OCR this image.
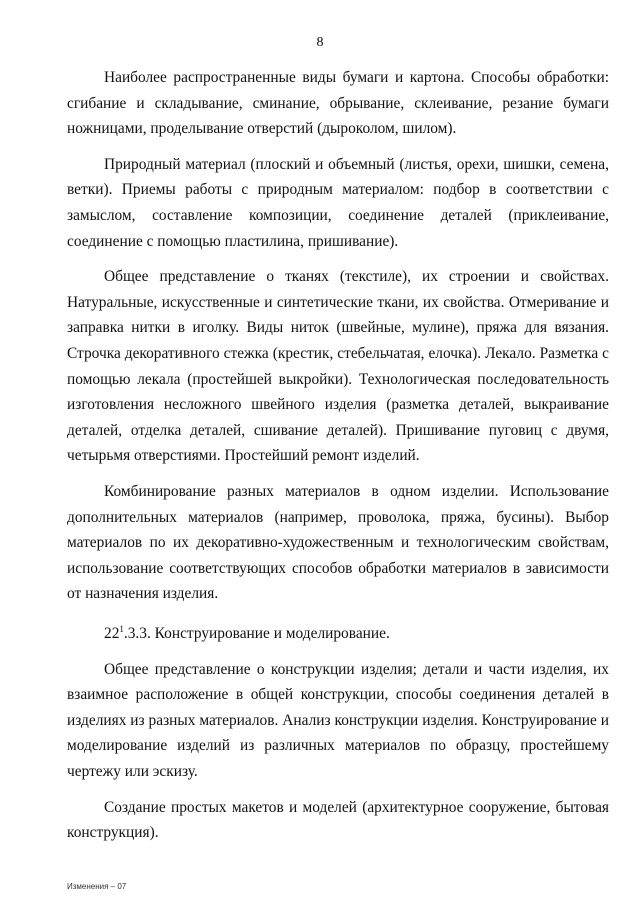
8

Наиболее распространенные виды бумаги и картона. Способы обработки: сгибание и складывание, сминание, обрывание, склеивание, резание бумаги ножницами, проделывание отверстий (дыроколом, шилом).

Природный материал (плоский и объемный (листья, орехи, шишки, семена, ветки). Приемы работы с природным материалом: подбор в соответствии с замыслом, составление композиции, соединение деталей (приклеивание, соединение с помощью пластилина, пришивание).

Общее представление о тканях (текстиле), их строении и свойствах. Натуральные, искусственные и синтетические ткани, их свойства. Отмеривание и заправка нитки в иголку. Виды ниток (швейные, мулине), пряжа для вязания. Строчка декоративного стежка (крестик, стебельчатая, елочка). Лекало. Разметка с помощью лекала (простейшей выкройки). Технологическая последовательность изготовления несложного швейного изделия (разметка деталей, выкраивание деталей, отделка деталей, сшивание деталей). Пришивание пуговиц с двумя, четырьмя отверстиями. Простейший ремонт изделий.

Комбинирование разных материалов в одном изделии. Использование дополнительных материалов (например, проволока, пряжа, бусины). Выбор материалов по их декоративно-художественным и технологическим свойствам, использование соответствующих способов обработки материалов в зависимости от назначения изделия.

$22^1.3.3$. Конструирование и моделирование.

Общее представление о конструкции изделия; детали и части изделия, их взаимное расположение в общей конструкции, способы соединения деталей в изделиях из разных материалов. Анализ конструкции изделия. Конструирование и моделирование изделий из различных материалов по образцу, простейшему чертежу или эскизу.

Создание простых макетов и моделей (архитектурное сооружение, бытовая конструкция).

Изменения – 07
